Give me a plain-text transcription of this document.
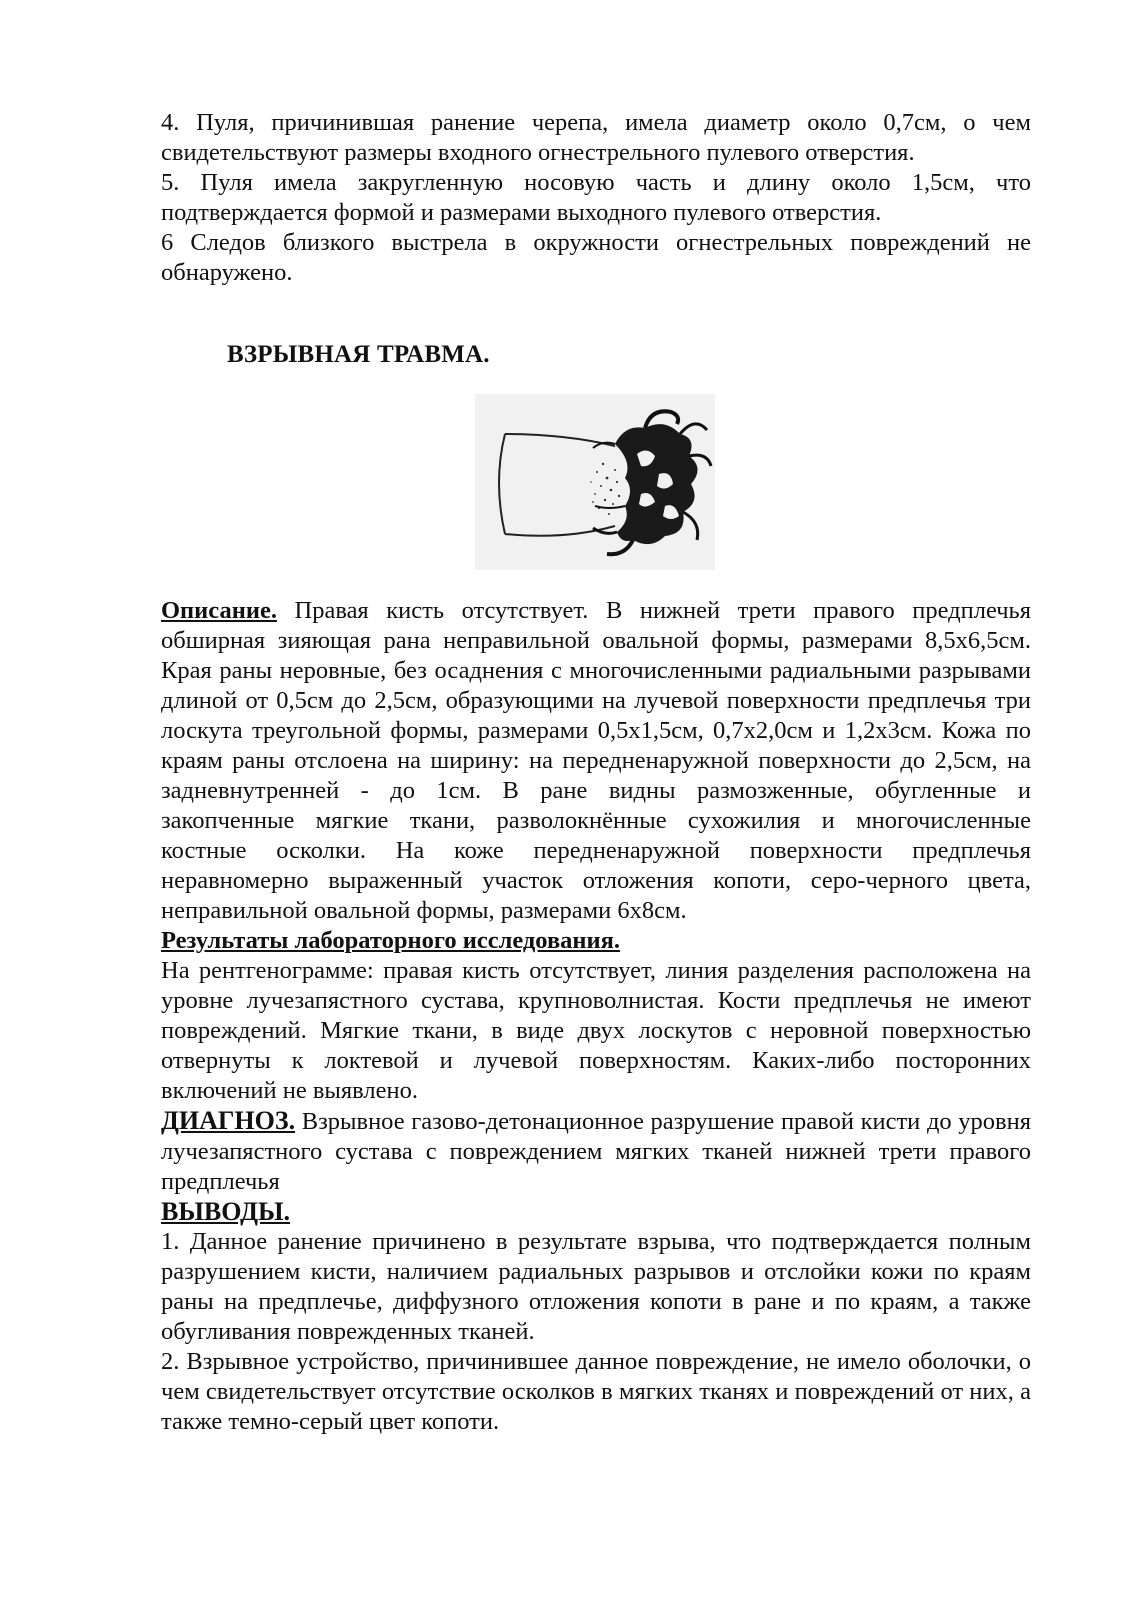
4. Пуля, причинившая ранение черепа, имела диаметр около 0,7см, о чем свидетельствуют размеры входного огнестрельного пулевого отверстия.

5. Пуля имела закругленную носовую часть и длину около 1,5см, что подтверждается формой и размерами выходного пулевого отверстия.

6 Следов близкого выстрела в окружности огнестрельных повреждений не обнаружено.

ВЗРЫВНАЯ ТРАВМА.

Описание. Правая кисть отсутствует. В нижней трети правого предплечья обширная зияющая рана неправильной овальной формы, размерами 8,5х6,5см. Края раны неровные, без осаднения с многочисленными радиальными разрывами длиной от 0,5см до 2,5см, образующими на лучевой поверхности предплечья три лоскута треугольной формы, размерами 0,5х1,5см, 0,7х2,0см и 1,2х3см. Кожа по краям раны отслоена на ширину: на передненаружной поверхности до 2,5см, на задневнутренней - до 1см. В ране видны размозженные, обугленные и закопченные мягкие ткани, разволокнённые сухожилия и многочисленные костные осколки. На коже передненаружной поверхности предплечья неравномерно выраженный участок отложения копоти, серо-черного цвета, неправильной овальной формы, размерами 6х8см.

Результаты лабораторного исследования.

На рентгенограмме: правая кисть отсутствует, линия разделения расположена на уровне лучезапястного сустава, крупноволнистая. Кости предплечья не имеют повреждений. Мягкие ткани, в виде двух лоскутов с неровной поверхностью отвернуты к локтевой и лучевой поверхностям. Каких-либо посторонних включений не выявлено.

ДИАГНОЗ. Взрывное газово-детонационное разрушение правой кисти до уровня лучезапястного сустава с повреждением мягких тканей нижней трети правого предплечья

ВЫВОДЫ.

1. Данное ранение причинено в результате взрыва, что подтверждается полным разрушением кисти, наличием радиальных разрывов и отслойки кожи по краям раны на предплечье, диффузного отложения копоти в ране и по краям, а также обугливания поврежденных тканей.

2. Взрывное устройство, причинившее данное повреждение, не имело оболочки, о чем свидетельствует отсутствие осколков в мягких тканях и повреждений от них, а также темно-серый цвет копоти.
